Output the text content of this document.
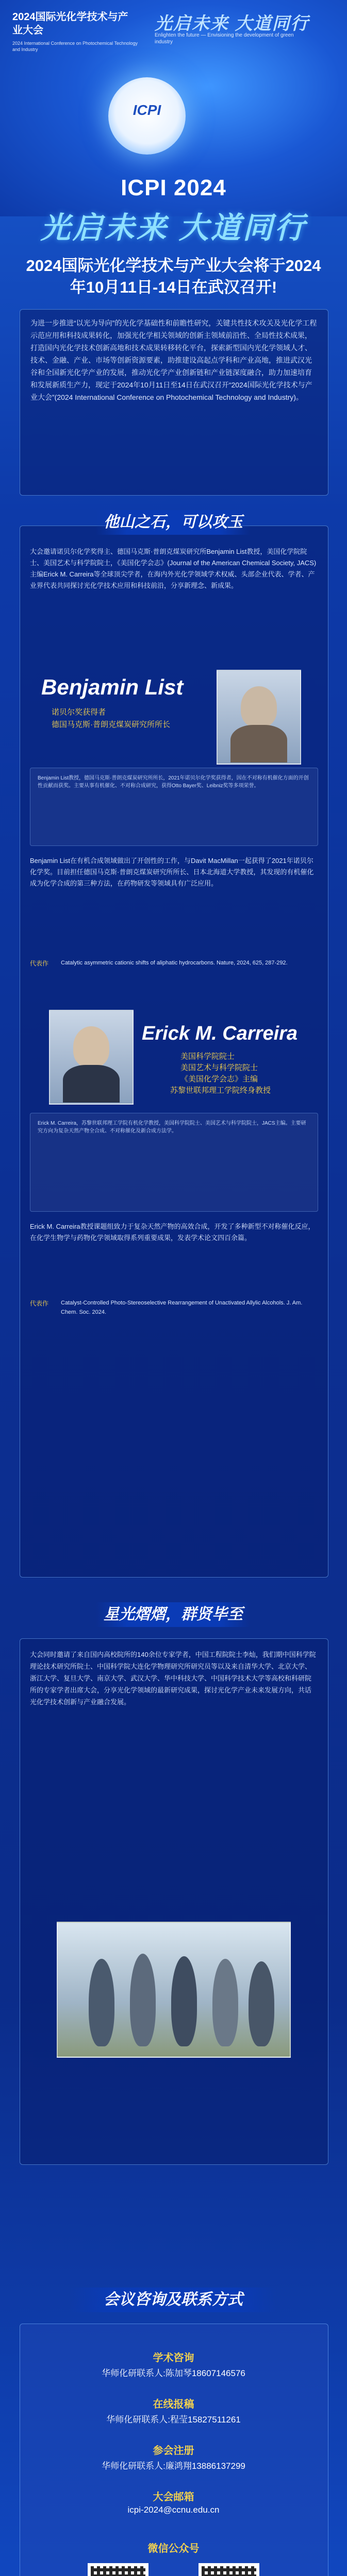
2024国际光化学技术与产业大会
2024 International Conference on Photochemical Technology and Industry
光启未来 大道同行
Enlighten the future — Envisioning the development of green industry
ICPI
ICPI 2024
光启未来 大道同行
2024国际光化学技术与产业大会将于2024年10月11日-14日在武汉召开!
为进一步推进“以光为导向”的光化学基础性和前瞻性研究，关键共性技术攻关及光化学工程示范应用和科技成果转化，加强光化学相关领域的创新主领域前沿性、全局性技术成果，打造国内光化学技术创新高地和技术成果转移转化平台，探索新型国内光化学领域人才、技术、金融、产业、市场等创新资源要素，助推建设高起点学科和产业高地，推进武汉光谷和全国新光化学产业的发展，推动光化学产业创新链和产业链深度融合，助力加速培育和发展新质生产力，现定于2024年10月11日至14日在武汉召开“2024国际光化学技术与产业大会”(2024 International Conference on Photochemical Technology and Industry)。
他山之石，可以攻玉
大会邀请诺贝尔化学奖得主、德国马克斯·普朗克煤炭研究所Benjamin List教授，美国化学院院士、美国艺术与科学院院士，《美国化学会志》(Journal of the American Chemical Society, JACS)主编Erick M. Carreira等全球顶尖学者，在海内外光化学领域学术权威、头部企业代表、学者、产业界代表共同探讨光化学技术应用和科技前沿，分享新理念、新成果。
Benjamin List
诺贝尔奖获得者
德国马克斯·普朗克煤炭研究所所长
Benjamin List教授，德国马克斯·普朗克煤炭研究所所长，2021年诺贝尔化学奖获得者，因在不对称有机催化方面的开创性贡献而获奖。主要从事有机催化、不对称合成研究，获得Otto Bayer奖、Leibniz奖等多项荣誉。
Benjamin List在有机合成领域做出了开创性的工作，与Davit MacMillan一起获得了2021年诺贝尔化学奖。目前担任德国马克斯·普朗克煤炭研究所所长、日本北海道大学教授，其发现的有机催化成为化学合成的第三种方法，在药物研发等领域具有广泛应用。
代表作	Catalytic asymmetric cationic shifts of aliphatic hydrocarbons. Nature, 2024, 625, 287-292.
Erick M. Carreira
美国科学院院士
美国艺术与科学院院士
《美国化学会志》主编
苏黎世联邦理工学院终身教授
Erick M. Carreira，苏黎世联邦理工学院有机化学教授，美国科学院院士、美国艺术与科学院院士，JACS主编。主要研究方向为复杂天然产物全合成、不对称催化及新合成方法学。
Erick M. Carreira教授课题组致力于复杂天然产物的高效合成，开发了多种新型不对称催化反应，在化学生物学与药物化学领域取得系列重要成果，发表学术论文四百余篇。
代表作	Catalyst-Controlled Photo-Stereoselective Rearrangement of Unactivated Allylic Alcohols. J. Am. Chem. Soc. 2024.
星光熠熠，群贤毕至
大会同时邀请了来自国内高校院所的140余位专家学者，中国工程院院士李灿，我们期中国科学院理论技术研究所院士、中国科学院大连化学物理研究所研究员等以及来自清华大学、北京大学、浙江大学、复旦大学、南京大学、武汉大学、华中科技大学、中国科学技术大学等高校和科研院所的专家学者出席大会，分享光化学领域的最新研究成果，探讨光化学产业未来发展方向，共话光化学技术创新与产业融合发展。
会议咨询及联系方式
学术咨询
华师化研联系人:陈加琴18607146576
在线报稿
华师化研联系人:程莹15827511261
参会注册
华师化研联系人:廉鸿翔13886137299
大会邮箱
icpi-2024@ccnu.edu.cn
微信公众号
